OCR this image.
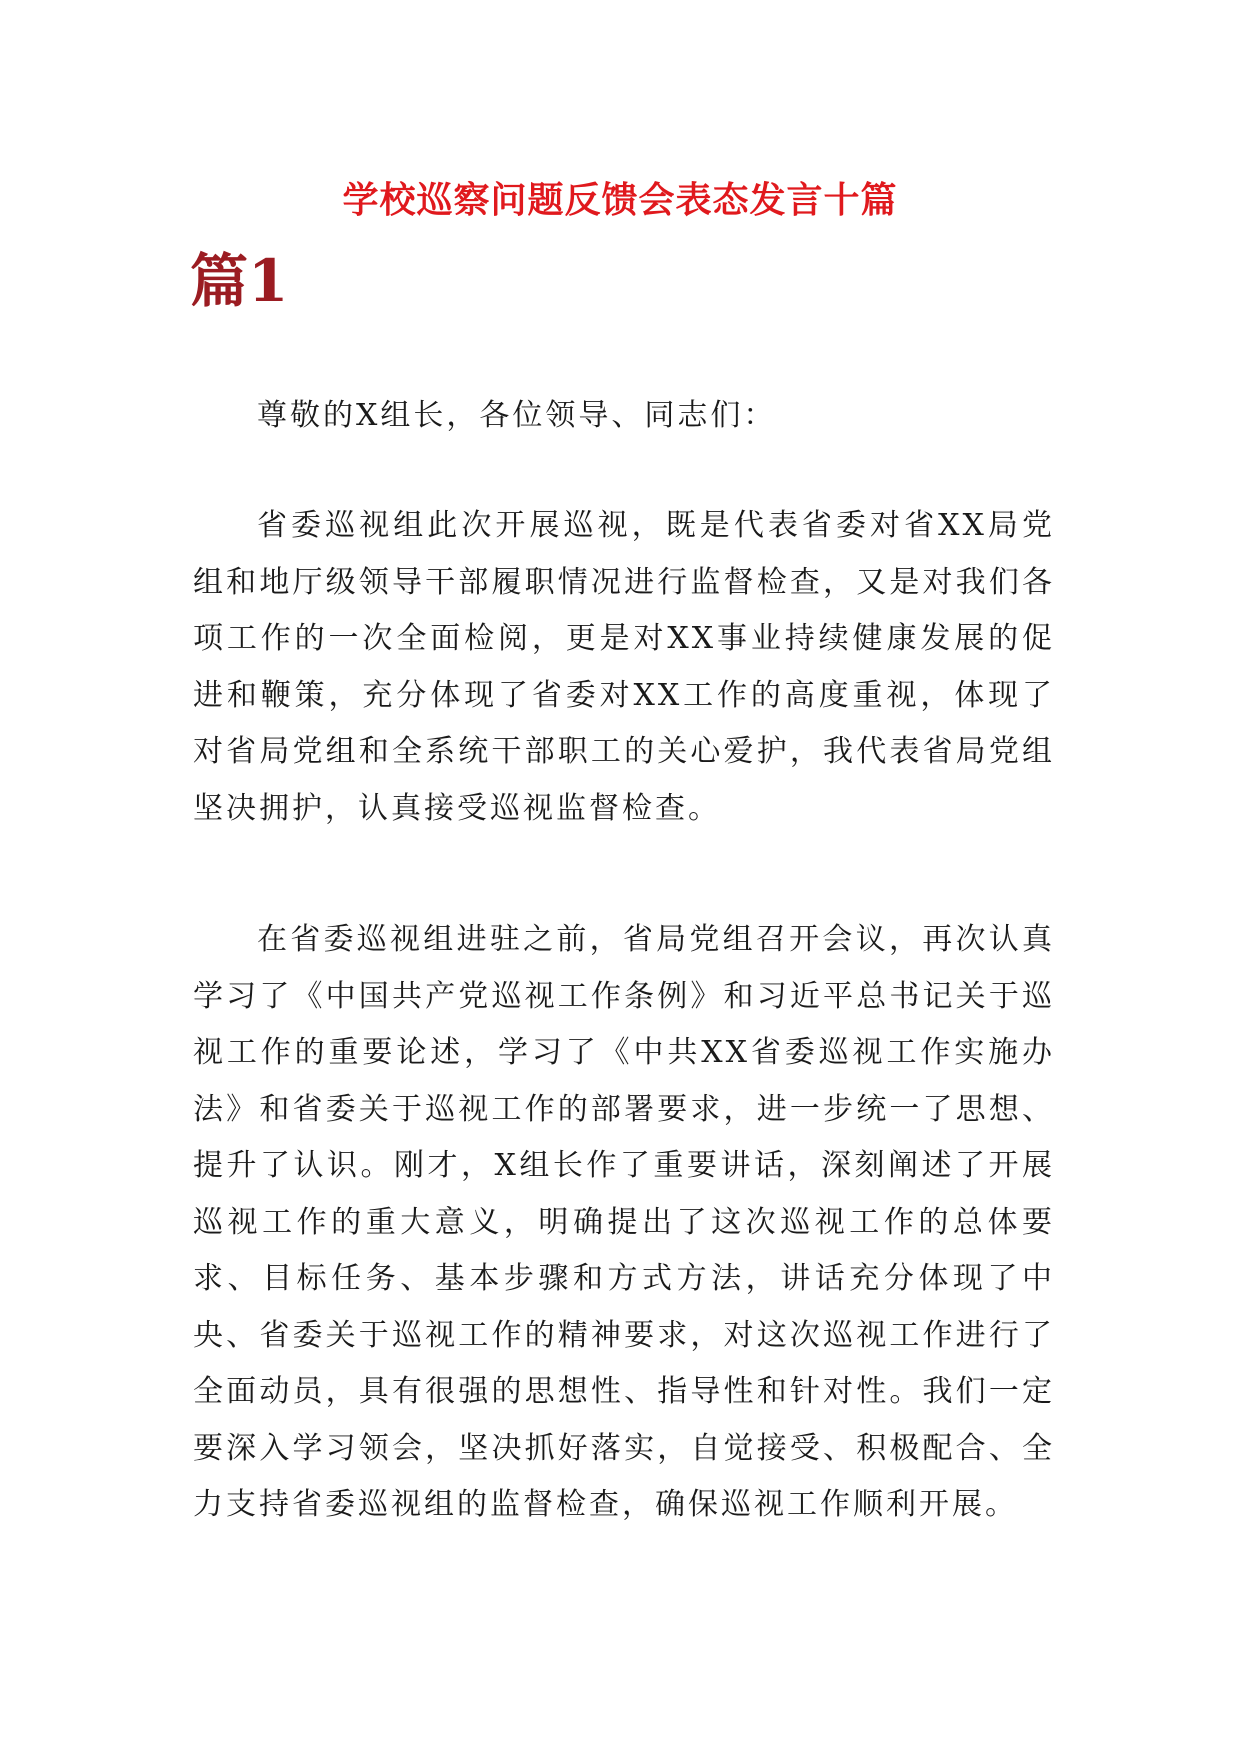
学校巡察问题反馈会表态发言十篇
篇1

尊敬的X组长，各位领导、同志们：

省委巡视组此次开展巡视，既是代表省委对省XX局党组和地厅级领导干部履职情况进行监督检查，又是对我们各项工作的一次全面检阅，更是对XX事业持续健康发展的促进和鞭策，充分体现了省委对XX工作的高度重视，体现了对省局党组和全系统干部职工的关心爱护，我代表省局党组坚决拥护，认真接受巡视监督检查。

在省委巡视组进驻之前，省局党组召开会议，再次认真学习了《中国共产党巡视工作条例》和习近平总书记关于巡视工作的重要论述，学习了《中共XX省委巡视工作实施办法》和省委关于巡视工作的部署要求，进一步统一了思想、提升了认识。刚才，X组长作了重要讲话，深刻阐述了开展巡视工作的重大意义，明确提出了这次巡视工作的总体要求、目标任务、基本步骤和方式方法，讲话充分体现了中央、省委关于巡视工作的精神要求，对这次巡视工作进行了全面动员，具有很强的思想性、指导性和针对性。我们一定要深入学习领会，坚决抓好落实，自觉接受、积极配合、全力支持省委巡视组的监督检查，确保巡视工作顺利开展。
